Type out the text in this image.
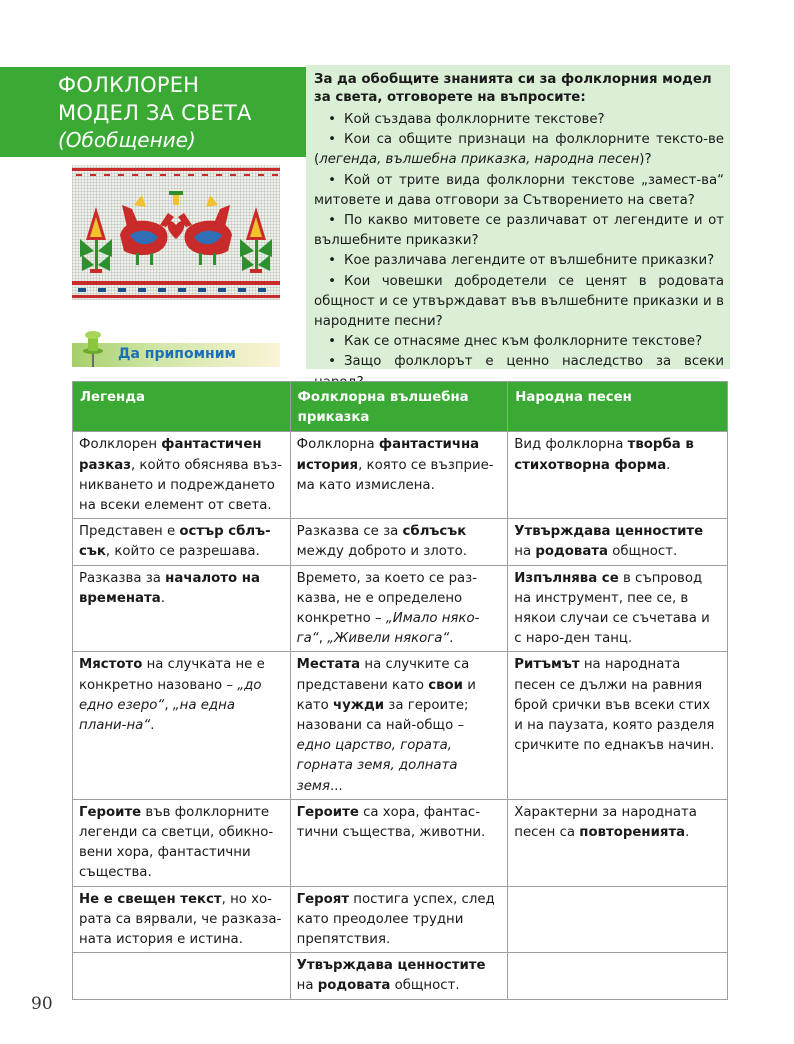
ФОЛКЛОРЕН
МОДЕЛ ЗА СВЕТА
(Обобщение)
Да припомним
За да обобщите знанията си за фолклорния модел за света, отговорете на въпросите:
• Кой създава фолклорните текстове?
• Кои са общите признаци на фолклорните тексто-ве (легенда, вълшебна приказка, народна песен)?
• Кой от трите вида фолклорни текстове „замест-ва“ митовете и дава отговори за Сътворението на света?
• По какво митовете се различават от легендите и от вълшебните приказки?
• Кое различава легендите от вълшебните приказки?
• Кои човешки добродетели се ценят в родовата общност и се утвърждават във вълшебните приказки и в народните песни?
• Как се отнасяме днес към фолклорните текстове?
• Защо фолклорът е ценно наследство за всеки
Легенда	Фолклорна вълшебна приказка	Народна песен
Фолклорен фантастичен разказ, който обяснява въз-никването и подреждането на всеки елемент от света.	Фолклорна фантастична история, която се възприе-ма като измислена.	Вид фолклорна творба в стихотворна форма.
Представен е остър сблъ-сък, който се разрешава.	Разказва се за сблъсък между доброто и злото.	Утвърждава ценностите на родовата общност.
Разказва за началото на времената.	Времето, за което се раз-казва, не е определено конкретно – „Имало няко-га“, „Живели някога“.	Изпълнява се в съпровод на инструмент, пее се, в някои случаи се съчетава и с наро-ден танц.
Мястото на случката не е конкретно назовано – „до едно езеро“, „на една плани-на“.	Местата на случките са представени като свои и като чужди за героите; назовани са най-общо – едно царство, гората, горната земя, долната земя...	Ритъмът на народната песен се дължи на равния брой срички във всеки стих и на паузата, която разделя сричките по еднакъв начин.
Героите във фолклорните легенди са светци, обикно-вени хора, фантастични същества.	Героите са хора, фантас-тични същества, животни.	Характерни за народната песен са повторенията.
Не е свещен текст, но хо-рата са вярвали, че разказа-ната история е истина.	Героят постига успех, след като преодолее трудни препятствия.	
	Утвърждава ценностите на родовата общност.	
90
